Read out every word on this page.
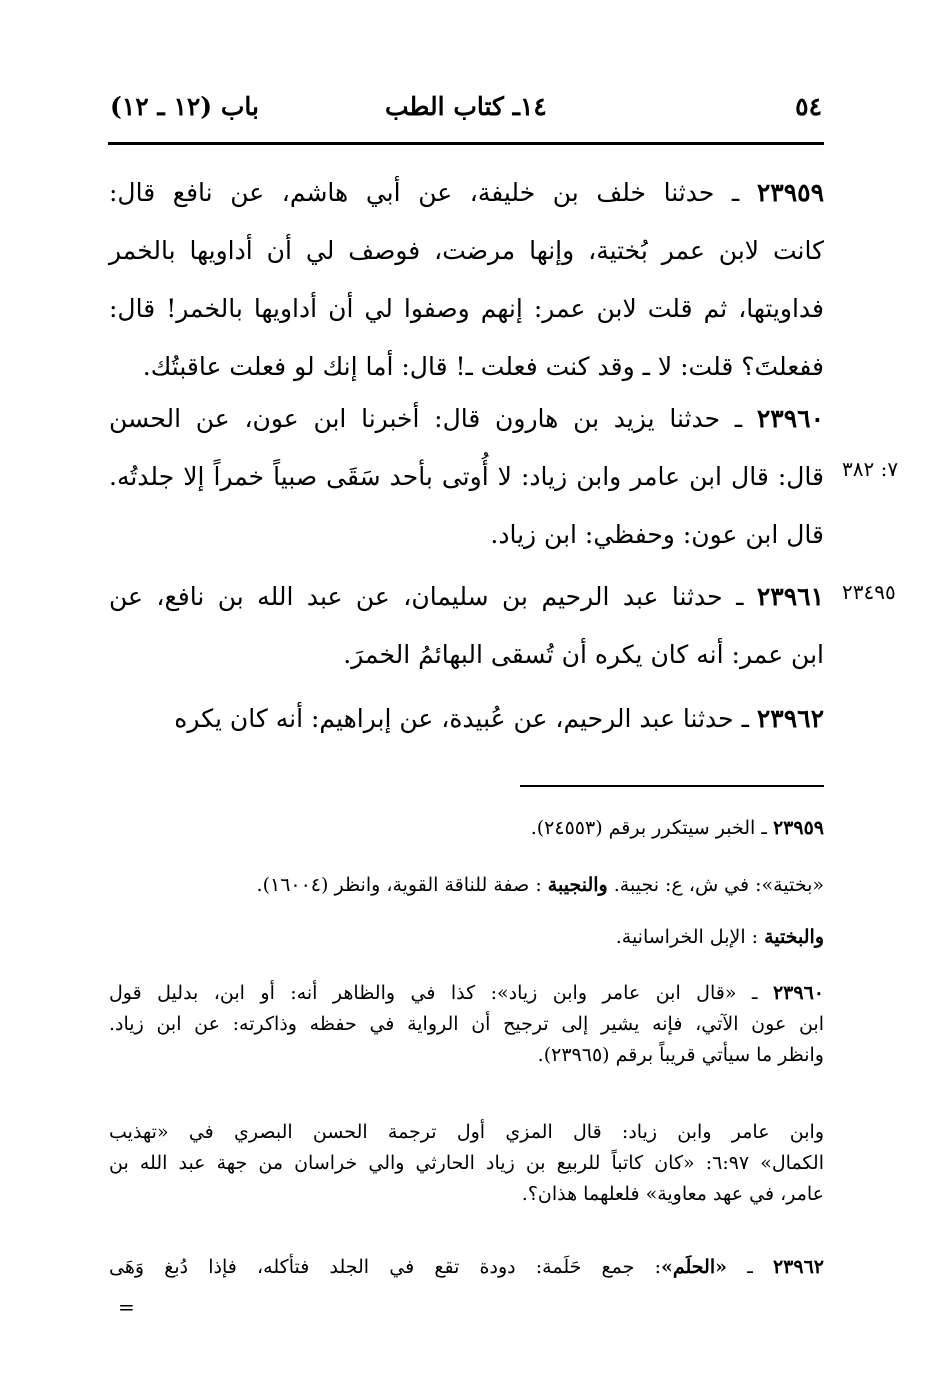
٥٤
١٤ـ كتاب الطب
باب (١٢ ـ ١٢)
٢٣٩٥٩ ـ حدثنا خلف بن خليفة، عن أبي هاشم، عن نافع قال:
كانت لابن عمر بُختية، وإنها مرضت، فوصف لي أن أداويها بالخمر
فداويتها، ثم قلت لابن عمر: إنهم وصفوا لي أن أداويها بالخمر! قال:
ففعلتَ؟ قلت: لا ـ وقد كنت فعلت ـ! قال: أما إنك لو فعلت عاقبتُك.
٢٣٩٦٠ ـ حدثنا يزيد بن هارون قال: أخبرنا ابن عون، عن الحسن
قال: قال ابن عامر وابن زياد: لا أُوتى بأحد سَقَى صبياً خمراً إلا جلدتُه.
قال ابن عون: وحفظي: ابن زياد.
٧: ٣٨٢
٢٣٩٦١ ـ حدثنا عبد الرحيم بن سليمان، عن عبد الله بن نافع، عن
ابن عمر: أنه كان يكره أن تُسقى البهائمُ الخمرَ.
٢٣٤٩٥
٢٣٩٦٢ ـ حدثنا عبد الرحيم، عن عُبيدة، عن إبراهيم: أنه كان يكره
٢٣٩٥٩ ـ الخبر سيتكرر برقم (٢٤٥٥٣).
«بختية»: في ش، ع: نجيبة. والنجيبة : صفة للناقة القوية، وانظر (١٦٠٠٤).
والبختية : الإبل الخراسانية.
٢٣٩٦٠ ـ «قال ابن عامر وابن زياد»: كذا في والظاهر أنه: أو ابن، بدليل قول
ابن عون الآتي، فإنه يشير إلى ترجيح أن الرواية في حفظه وذاكرته: عن ابن زياد.
وانظر ما سيأتي قريباً برقم (٢٣٩٦٥).
وابن عامر وابن زياد: قال المزي أول ترجمة الحسن البصري في «تهذيب
الكمال» ٦:٩٧: «كان كاتباً للربيع بن زياد الحارثي والي خراسان من جهة عبد الله بن
عامر، في عهد معاوية» فلعلهما هذان؟.
٢٣٩٦٢ ـ «الحلَم»: جمع حَلَمة: دودة تقع في الجلد فتأكله، فإذا دُبغ وَهَى
=
